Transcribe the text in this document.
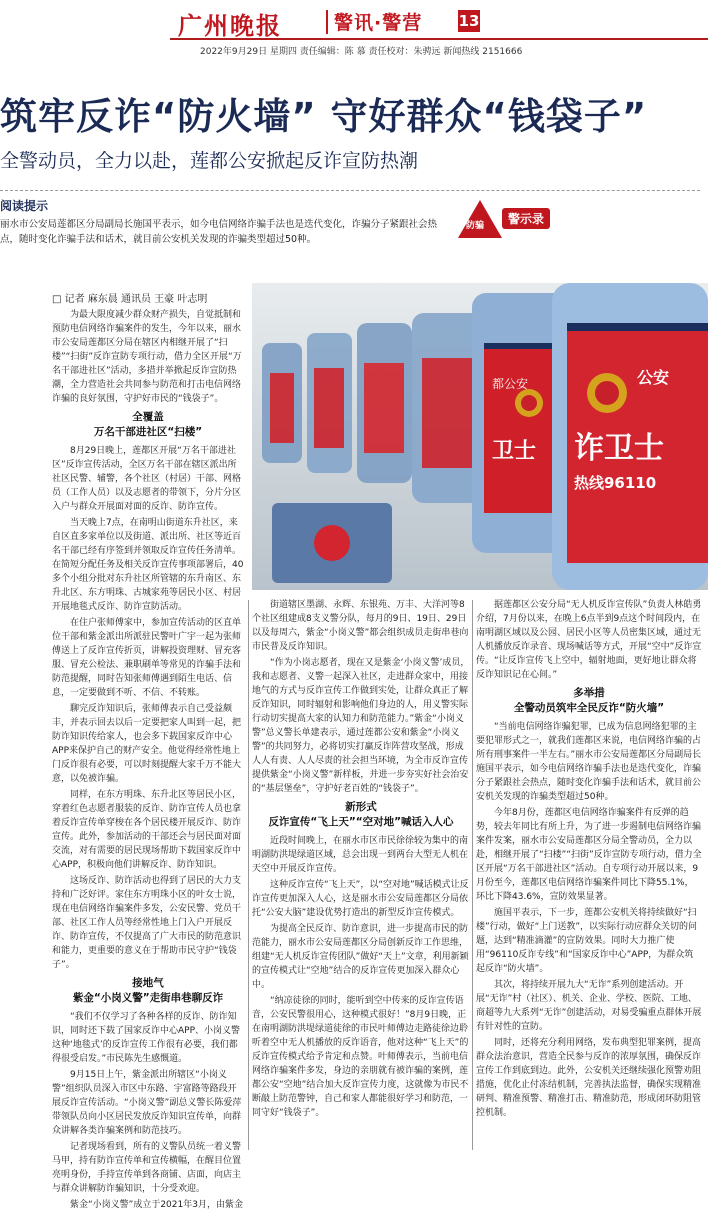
广州晚报	警讯·警营 13
2022年9月29日 星期四 责任编辑：陈 慕 责任校对：朱骋远 新闻热线 2151666
筑牢反诈“防火墙” 守好群众“钱袋子”
全警动员，全力以赴，莲都公安掀起反诈宣防热潮
阅读提示
丽水市公安局莲都区分局副局长施国平表示，如今电信网络诈骗手法也是迭代变化，诈骗分子紧跟社会热点，随时变化诈骗手法和话术，就目前公安机关发现的诈骗类型超过50种。
防骗	警示录
□ 记者 麻东晨 通讯员 王豪 叶志明
都公安
卫士
公安
诈卫士
热线96110

为最大限度减少群众财产损失，自觉抵制和预防电信网络诈骗案件的发生，今年以来，丽水市公安局莲都区分局在辖区内相继开展了“扫楼”“扫街”反诈宣防专项行动，借力全区开展“万名干部进社区”活动，多措并举掀起反诈宣防热潮，全力营造社会共同参与防范和打击电信网络诈骗的良好氛围，守护好市民的“钱袋子”。

全覆盖
万名干部进社区“扫楼”

8月29日晚上，莲都区开展“万名干部进社区”反诈宣传活动，全区万名干部在辖区派出所社区民警、辅警，各个社区（村居）干部、网格员（工作人员）以及志愿者的带领下，分片分区入户与群众开展面对面的反诈、防诈宣传。

当天晚上7点，在南明山街道东升社区，来自区直多家单位以及街道、派出所、社区等近百名干部已经有序签到并领取反诈宣传任务清单。在简短分配任务及相关反诈宣传事项部署后，40多个小组分批对东升社区所管辖的东升南区、东升北区、东方明珠、古城家苑等居民小区、村居开展地毯式反诈、防诈宣防活动。

在住户张师傅家中，参加宣传活动的区直单位干部和紫金派出所派驻民警叶广宇一起为张师傅送上了反诈宣传折页，讲解投资理财、冒充客服、冒充公检法、兼职刷单等常见的诈骗手法和防范提醒，同时告知张师傅遇到陌生电话、信息，一定要做到不听、不信、不转账。

聊完反诈知识后，张师傅表示自己受益颇丰，并表示回去以后一定要把家人叫到一起，把防诈知识传给家人，也会多下载国家反诈中心APP来保护自己的财产安全。他觉得经常性地上门反诈很有必要，可以时刻提醒大家千万不能大意，以免被诈骗。

同样，在东方明珠、东升北区等居民小区，穿着红色志愿者服装的反诈、防诈宣传人员也拿着反诈宣传单穿梭在各个居民楼开展反诈、防诈宣传。此外，参加活动的干部还会与居民面对面交流，对有需要的居民现场帮助下载国家反诈中心APP，积极向他们讲解反诈、防诈知识。

这场反诈、防诈活动也得到了居民的大力支持和广泛好评。家住东方明珠小区的叶女士说，现在电信网络诈骗案件多发，公安民警、党员干部、社区工作人员等经常性地上门入户开展反诈、防诈宣传，不仅提高了广大市民的防范意识和能力，更重要的意义在于帮助市民守护“钱袋子”。

接地气
紫金“小岗义警”走街串巷聊反诈

“我们不仅学习了各种各样的反诈、防诈知识，同时还下载了国家反诈中心APP、小岗义警这种‘地毯式’的反诈宣传工作很有必要，我们都得很受启发。”市民陈先生感慨道。

9月15日上午，紫金派出所辖区“小岗义警”组织队员深入市区中东路、宇富路等路段开展反诈宣传活动。“小岗义警”副总义警长陈爱萍带领队员向小区居民发放反诈知识宣传单，向群众讲解各类诈骗案例和防范技巧。

记者现场看到，所有的义警队员统一着义警马甲，持有防诈宣传单和宣传横幅，在醒目位置亮明身份，手持宣传单到各商铺、店面，向店主与群众讲解防诈骗知识，十分受欢迎。

紫金“小岗义警”成立于2021年3月，由紫金

街道辖区墨湖、永辉、东银苑、万丰、大洋河等8个社区组建成8支义警分队，每月的9日、19日、29日以及每周六，紫金“小岗义警”都会组织成员走街串巷向市民普及反诈知识。

“作为小岗志愿者，现在又是紫金‘小岗义警’成员，我和志愿者、义警一起深入社区，走进群众家中，用接地气的方式与反诈宣传工作做到实处，让群众真正了解反诈知识，同时辐射和影响他们身边的人，用义警实际行动切实提高大家的认知力和防范能力。”紫金“小岗义警”总义警长单建表示，通过莲都公安和紫金“小岗义警”的共同努力，必将切实打赢反诈阵营攻坚战，形成人人有责、人人尽责的社会担当环境，为全市反诈宣传提供紫金“小岗义警”新样板，并进一步夯实好社会治安的“基层堡垒”，守护好老百姓的“钱袋子”。

新形式
反诈宣传“飞上天”“空对地”喊话入人心

近段时间晚上，在丽水市区市民徐徐较为集中的南明湖防洪堤绿道区域，总会出现一到两台大型无人机在天空中开展反诈宣传。

这种反诈宣传“飞上天”，以“空对地”喊话模式让反诈宣传更加深入人心，这是丽水市公安局莲都区分局依托“公安大脑”建设优势打造出的新型反诈宣传模式。

为提高全民反诈、防诈意识，进一步提高市民的防范能力，丽水市公安局莲都区分局创新反诈工作思维，组建“无人机反诈宣传团队”做好“天上”文章，利用新颖的宣传模式让“空地”结合的反诈宣传更加深入群众心中。

“纳凉徒徐的同时，能听到空中传来的反诈宣传语音，公安民警很用心，这种模式很好！”8月9日晚，正在南明湖防洪堤绿道徒徐的市民叶师傅边走路徒徐边聆听着空中无人机播放的反诈语音，他对这种“飞上天”的反诈宣传模式给予肯定和点赞。叶师傅表示，当前电信网络诈骗案件多发，身边的亲朋就有被诈骗的案例，莲都公安“空地”结合加大反诈宣传力度，这就像为市民不断敲上防范警钟，自己和家人都能很好学习和防范，一同守好“钱袋子”。

据莲都区公安分局“无人机反诈宣传队”负责人林皓勇介绍，7月份以来，在晚上6点半到9点这个时间段内，在南明湖区域以及公园、居民小区等人员密集区域，通过无人机播放反诈录音、现场喊话等方式，开展“空中”反诈宣传。“让反诈宣传飞上空中，辐射地面，更好地让群众将反诈知识记在心间。”

多举措
全警动员筑牢全民反诈“防火墙”

“当前电信网络诈骗犯罪，已成为信息网络犯罪的主要犯罪形式之一，就我们莲都区来说，电信网络诈骗的占所有刑事案件一半左右。”丽水市公安局莲都区分局副局长施国平表示，如今电信网络诈骗手法也是迭代变化，诈骗分子紧跟社会热点，随时变化诈骗手法和话术，就目前公安机关发现的诈骗类型超过50种。

今年8月份，莲都区电信网络诈骗案件有反弹的趋势，较去年同比有所上升，为了进一步遏制电信网络诈骗案件发案，丽水市公安局莲都区分局全警动员，全力以赴，相继开展了“扫楼”“扫街”反诈宣防专项行动，借力全区开展“万名干部进社区”活动。自专项行动开展以来，9月份至今，莲都区电信网络诈骗案件同比下降55.1%，环比下降43.6%，宣防效果显著。

施国平表示，下一步，莲都公安机关将持续做好“扫楼”行动，做好“上门送教”，以实际行动应群众关切的问题，达到“精准滴灌”的宣防效果。同时大力推广使用“96110反诈专线”和“国家反诈中心”APP，为群众筑起反诈“防火墙”。

其次，将持续开展九大“无诈”系列创建活动。开展“无诈”村（社区）、机关、企业、学校、医院、工地、商超等九大系列“无诈”创建活动，对易受骗重点群体开展有针对性的宣防。

同时，还将充分利用网络，发布典型犯罪案例，提高群众法治意识，营造全民参与反诈的浓厚氛围，确保反诈宣传工作到底到边。此外，公安机关还继续强化预警劝阻措施，优化止付冻结机制，完善执法监督，确保实现精准研判、精准预警、精准打击、精准防范，形成闭环防阻管控机制。
